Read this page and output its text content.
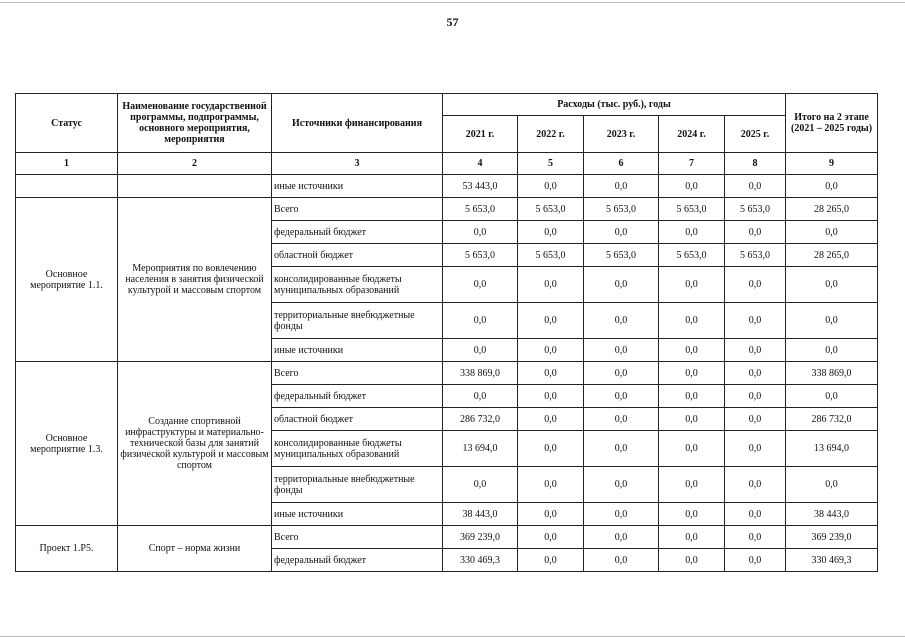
57
Статус	Наименование государственной программы, подпрограммы, основного мероприятия, мероприятия	Источники финансирования	Расходы (тыс. руб.), годы					Итого на 2 этапе (2021 – 2025 годы)
			2021 г.	2022 г.	2023 г.	2024 г.	2025 г.	
1	2	3	4	5	6	7	8	9
		иные источники	53 443,0	0,0	0,0	0,0	0,0	0,0
Основное мероприятие 1.1.	Мероприятия по вовлечению населения в занятия физической культурой и массовым спортом	Всего	5 653,0	5 653,0	5 653,0	5 653,0	5 653,0	28 265,0
		федеральный бюджет	0,0	0,0	0,0	0,0	0,0	0,0
		областной бюджет	5 653,0	5 653,0	5 653,0	5 653,0	5 653,0	28 265,0
		консолидированные бюджеты муниципальных образований	0,0	0,0	0,0	0,0	0,0	0,0
		территориальные внебюджетные фонды	0,0	0,0	0,0	0,0	0,0	0,0
		иные источники	0,0	0,0	0,0	0,0	0,0	0,0
Основное мероприятие 1.3.	Создание спортивной инфраструктуры и материально-технической базы для занятий физической культурой и массовым спортом	Всего	338 869,0	0,0	0,0	0,0	0,0	338 869,0
		федеральный бюджет	0,0	0,0	0,0	0,0	0,0	0,0
		областной бюджет	286 732,0	0,0	0,0	0,0	0,0	286 732,0
		консолидированные бюджеты муниципальных образований	13 694,0	0,0	0,0	0,0	0,0	13 694,0
		территориальные внебюджетные фонды	0,0	0,0	0,0	0,0	0,0	0,0
		иные источники	38 443,0	0,0	0,0	0,0	0,0	38 443,0
Проект 1.Р5.	Спорт – норма жизни	Всего	369 239,0	0,0	0,0	0,0	0,0	369 239,0
		федеральный бюджет	330 469,3	0,0	0,0	0,0	0,0	330 469,3
